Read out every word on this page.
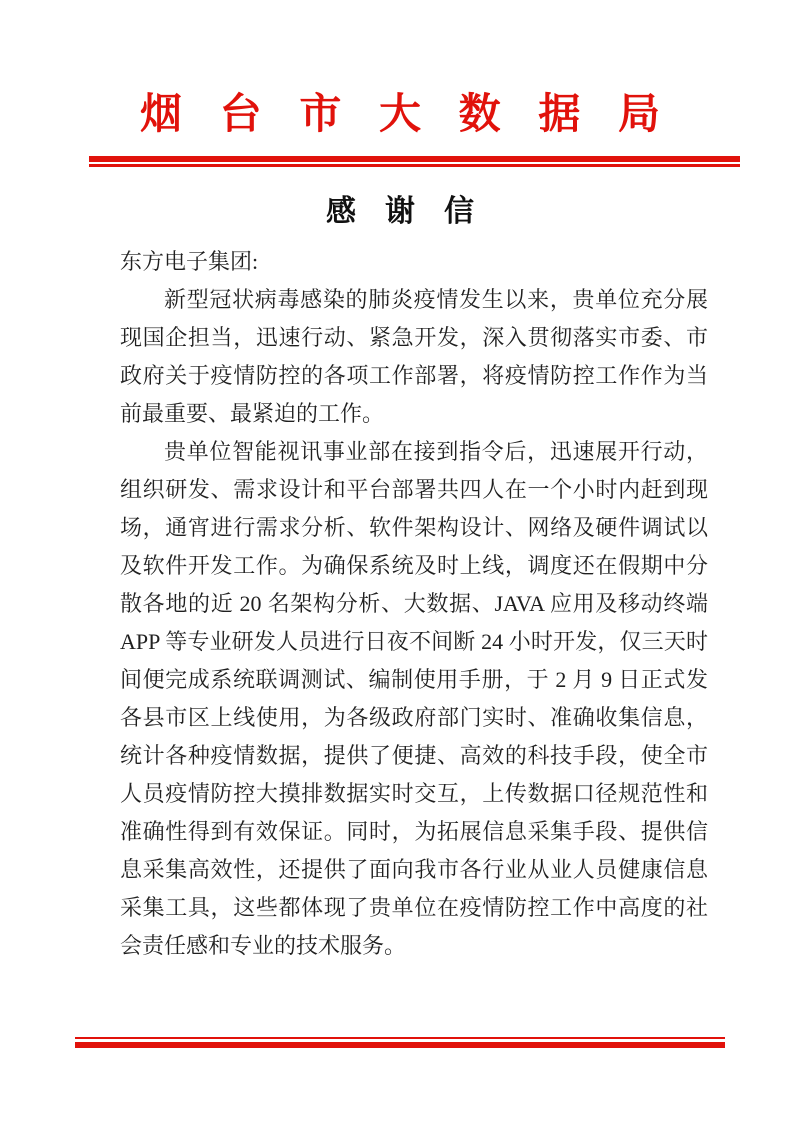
烟台市大数据局
感谢信
东方电子集团:

新型冠状病毒感染的肺炎疫情发生以来，贵单位充分展现国企担当，迅速行动、紧急开发，深入贯彻落实市委、市政府关于疫情防控的各项工作部署，将疫情防控工作作为当前最重要、最紧迫的工作。

贵单位智能视讯事业部在接到指令后，迅速展开行动，组织研发、需求设计和平台部署共四人在一个小时内赶到现场，通宵进行需求分析、软件架构设计、网络及硬件调试以及软件开发工作。为确保系统及时上线，调度还在假期中分散各地的近 20 名架构分析、大数据、JAVA 应用及移动终端 APP 等专业研发人员进行日夜不间断 24 小时开发，仅三天时间便完成系统联调测试、编制使用手册，于 2 月 9 日正式发各县市区上线使用，为各级政府部门实时、准确收集信息，统计各种疫情数据，提供了便捷、高效的科技手段，使全市人员疫情防控大摸排数据实时交互，上传数据口径规范性和准确性得到有效保证。同时，为拓展信息采集手段、提供信息采集高效性，还提供了面向我市各行业从业人员健康信息采集工具，这些都体现了贵单位在疫情防控工作中高度的社会责任感和专业的技术服务。
